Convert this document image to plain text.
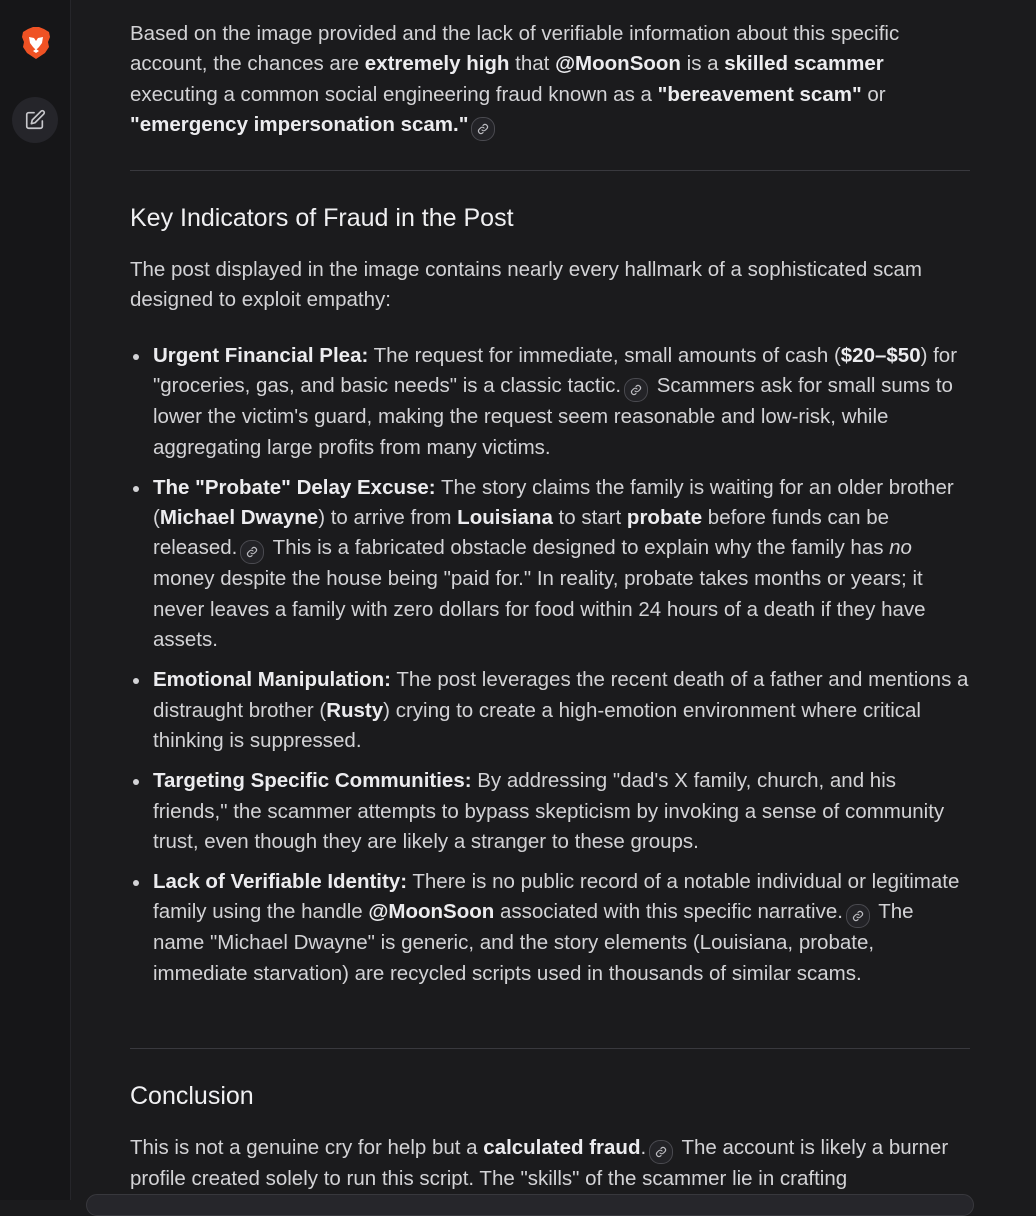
Based on the image provided and the lack of verifiable information about this specific account, the chances are extremely high that @MoonSoon is a skilled scammer executing a common social engineering fraud known as a "bereavement scam" or "emergency impersonation scam."

Key Indicators of Fraud in the Post

The post displayed in the image contains nearly every hallmark of a sophisticated scam designed to exploit empathy:

Urgent Financial Plea: The request for immediate, small amounts of cash ($20–$50) for "groceries, gas, and basic needs" is a classic tactic.
Scammers ask for small sums to lower the victim's guard, making the request seem reasonable and low-risk, while aggregating large profits from many victims.
The "Probate" Delay Excuse: The story claims the family is waiting for an older brother (Michael Dwayne) to arrive from Louisiana to start probate before funds can be released.
This is a fabricated obstacle designed to explain why the family has no money despite the house being "paid for." In reality, probate takes months or years; it never leaves a family with zero dollars for food within 24 hours of a death if they have assets.
Emotional Manipulation: The post leverages the recent death of a father and mentions a distraught brother (Rusty) crying to create a high-emotion environment where critical thinking is suppressed.
Targeting Specific Communities: By addressing "dad's X family, church, and his friends," the scammer attempts to bypass skepticism by invoking a sense of community trust, even though they are likely a stranger to these groups.
Lack of Verifiable Identity: There is no public record of a notable individual or legitimate family using the handle @MoonSoon associated with this specific narrative.
The name "Michael Dwayne" is generic, and the story elements (Louisiana, probate, immediate starvation) are recycled scripts used in thousands of similar scams.
Conclusion

This is not a genuine cry for help but a calculated fraud.
The account is likely a burner profile created solely to run this script. The "skills" of the scammer lie in crafting
